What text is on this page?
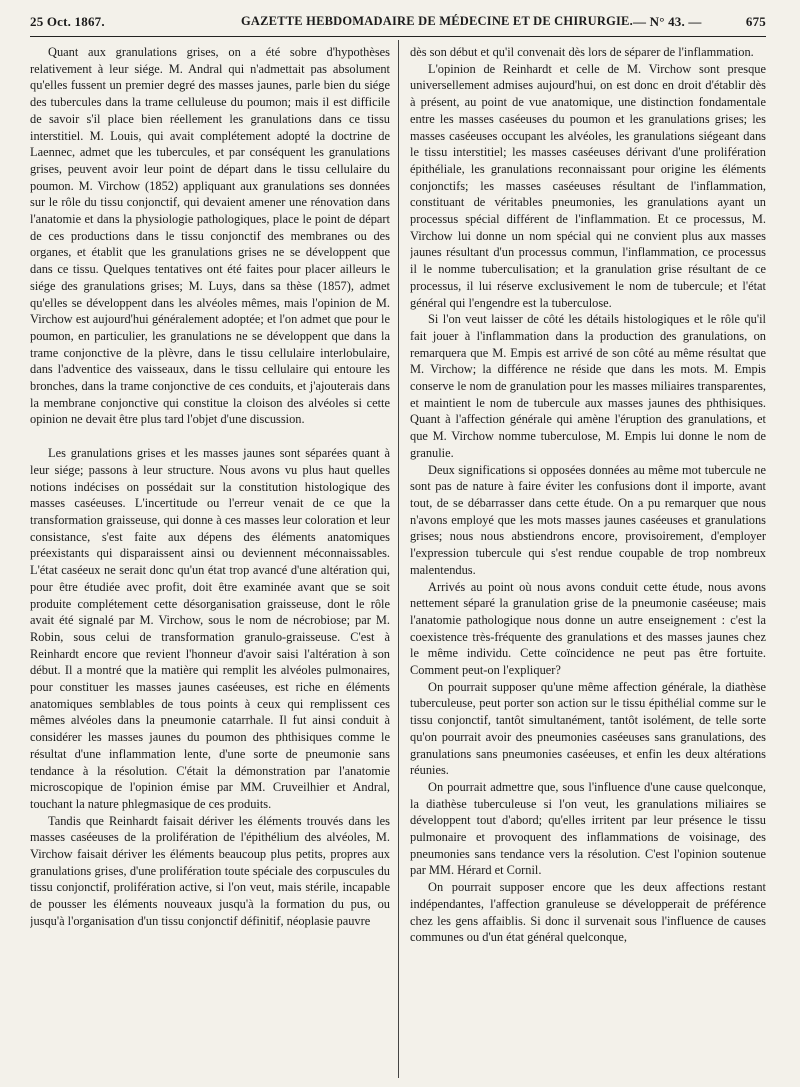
25 Oct. 1867.	GAZETTE HEBDOMADAIRE DE MÉDECINE ET DE CHIRURGIE. — N° 43. —	675

Quant aux granulations grises, on a été sobre d'hypothèses relativement à leur siége. M. Andral qui n'admettait pas absolument qu'elles fussent un premier degré des masses jaunes, parle bien du siége des tubercules dans la trame celluleuse du poumon; mais il est difficile de savoir s'il place bien réellement les granulations dans ce tissu interstitiel. M. Louis, qui avait complétement adopté la doctrine de Laennec, admet que les tubercules, et par conséquent les granulations grises, peuvent avoir leur point de départ dans le tissu cellulaire du poumon. M. Virchow (1852) appliquant aux granulations ses données sur le rôle du tissu conjonctif, qui devaient amener une rénovation dans l'anatomie et dans la physiologie pathologiques, place le point de départ de ces productions dans le tissu conjonctif des membranes ou des organes, et établit que les granulations grises ne se développent que dans ce tissu. Quelques tentatives ont été faites pour placer ailleurs le siége des granulations grises; M. Luys, dans sa thèse (1857), admet qu'elles se développent dans les alvéoles mêmes, mais l'opinion de M. Virchow est aujourd'hui généralement adoptée; et l'on admet que pour le poumon, en particulier, les granulations ne se développent que dans la trame conjonctive de la plèvre, dans le tissu cellulaire interlobulaire, dans l'adventice des vaisseaux, dans le tissu cellulaire qui entoure les bronches, dans la trame conjonctive de ces conduits, et j'ajouterais dans la membrane conjonctive qui constitue la cloison des alvéoles si cette opinion ne devait être plus tard l'objet d'une discussion.

Les granulations grises et les masses jaunes sont séparées quant à leur siége; passons à leur structure. Nous avons vu plus haut quelles notions indécises on possédait sur la constitution histologique des masses caséeuses. L'incertitude ou l'erreur venait de ce que la transformation graisseuse, qui donne à ces masses leur coloration et leur consistance, s'est faite aux dépens des éléments anatomiques préexistants qui disparaissent ainsi ou deviennent méconnaissables. L'état caséeux ne serait donc qu'un état trop avancé d'une altération qui, pour être étudiée avec profit, doit être examinée avant que se soit produite complétement cette désorganisation graisseuse, dont le rôle avait été signalé par M. Virchow, sous le nom de nécrobiose; par M. Robin, sous celui de transformation granulo-graisseuse. C'est à Reinhardt encore que revient l'honneur d'avoir saisi l'altération à son début. Il a montré que la matière qui remplit les alvéoles pulmonaires, pour constituer les masses jaunes caséeuses, est riche en éléments anatomiques semblables de tous points à ceux qui remplissent ces mêmes alvéoles dans la pneumonie catarrhale. Il fut ainsi conduit à considérer les masses jaunes du poumon des phthisiques comme le résultat d'une inflammation lente, d'une sorte de pneumonie sans tendance à la résolution. C'était la démonstration par l'anatomie microscopique de l'opinion émise par MM. Cruveilhier et Andral, touchant la nature phlegmasique de ces produits.

Tandis que Reinhardt faisait dériver les éléments trouvés dans les masses caséeuses de la prolifération de l'épithélium des alvéoles, M. Virchow faisait dériver les éléments beaucoup plus petits, propres aux granulations grises, d'une prolifération toute spéciale des corpuscules du tissu conjonctif, prolifération active, si l'on veut, mais stérile, incapable de pousser les éléments nouveaux jusqu'à la formation du pus, ou jusqu'à l'organisation d'un tissu conjonctif définitif, néoplasie pauvre

dès son début et qu'il convenait dès lors de séparer de l'inflammation.

L'opinion de Reinhardt et celle de M. Virchow sont presque universellement admises aujourd'hui, on est donc en droit d'établir dès à présent, au point de vue anatomique, une distinction fondamentale entre les masses caséeuses du poumon et les granulations grises; les masses caséeuses occupant les alvéoles, les granulations siégeant dans le tissu interstitiel; les masses caséeuses dérivant d'une prolifération épithéliale, les granulations reconnaissant pour origine les éléments conjonctifs; les masses caséeuses résultant de l'inflammation, constituant de véritables pneumonies, les granulations ayant un processus spécial différent de l'inflammation. Et ce processus, M. Virchow lui donne un nom spécial qui ne convient plus aux masses jaunes résultant d'un processus commun, l'inflammation, ce processus il le nomme tuberculisation; et la granulation grise résultant de ce processus, il lui réserve exclusivement le nom de tubercule; et l'état général qui l'engendre est la tuberculose.

Si l'on veut laisser de côté les détails histologiques et le rôle qu'il fait jouer à l'inflammation dans la production des granulations, on remarquera que M. Empis est arrivé de son côté au même résultat que M. Virchow; la différence ne réside que dans les mots. M. Empis conserve le nom de granulation pour les masses miliaires transparentes, et maintient le nom de tubercule aux masses jaunes des phthisiques. Quant à l'affection générale qui amène l'éruption des granulations, et que M. Virchow nomme tuberculose, M. Empis lui donne le nom de granulie.

Deux significations si opposées données au même mot tubercule ne sont pas de nature à faire éviter les confusions dont il importe, avant tout, de se débarrasser dans cette étude. On a pu remarquer que nous n'avons employé que les mots masses jaunes caséeuses et granulations grises; nous nous abstiendrons encore, provisoirement, d'employer l'expression tubercule qui s'est rendue coupable de trop nombreux malentendus.

Arrivés au point où nous avons conduit cette étude, nous avons nettement séparé la granulation grise de la pneumonie caséeuse; mais l'anatomie pathologique nous donne un autre enseignement : c'est la coexistence très-fréquente des granulations et des masses jaunes chez le même individu. Cette coïncidence ne peut pas être fortuite. Comment peut-on l'expliquer?

On pourrait supposer qu'une même affection générale, la diathèse tuberculeuse, peut porter son action sur le tissu épithélial comme sur le tissu conjonctif, tantôt simultanément, tantôt isolément, de telle sorte qu'on pourrait avoir des pneumonies caséeuses sans granulations, des granulations sans pneumonies caséeuses, et enfin les deux altérations réunies.

On pourrait admettre que, sous l'influence d'une cause quelconque, la diathèse tuberculeuse si l'on veut, les granulations miliaires se développent tout d'abord; qu'elles irritent par leur présence le tissu pulmonaire et provoquent des inflammations de voisinage, des pneumonies sans tendance vers la résolution. C'est l'opinion soutenue par MM. Hérard et Cornil.

On pourrait supposer encore que les deux affections restant indépendantes, l'affection granuleuse se développerait de préférence chez les gens affaiblis. Si donc il survenait sous l'influence de causes communes ou d'un état général quelconque,
